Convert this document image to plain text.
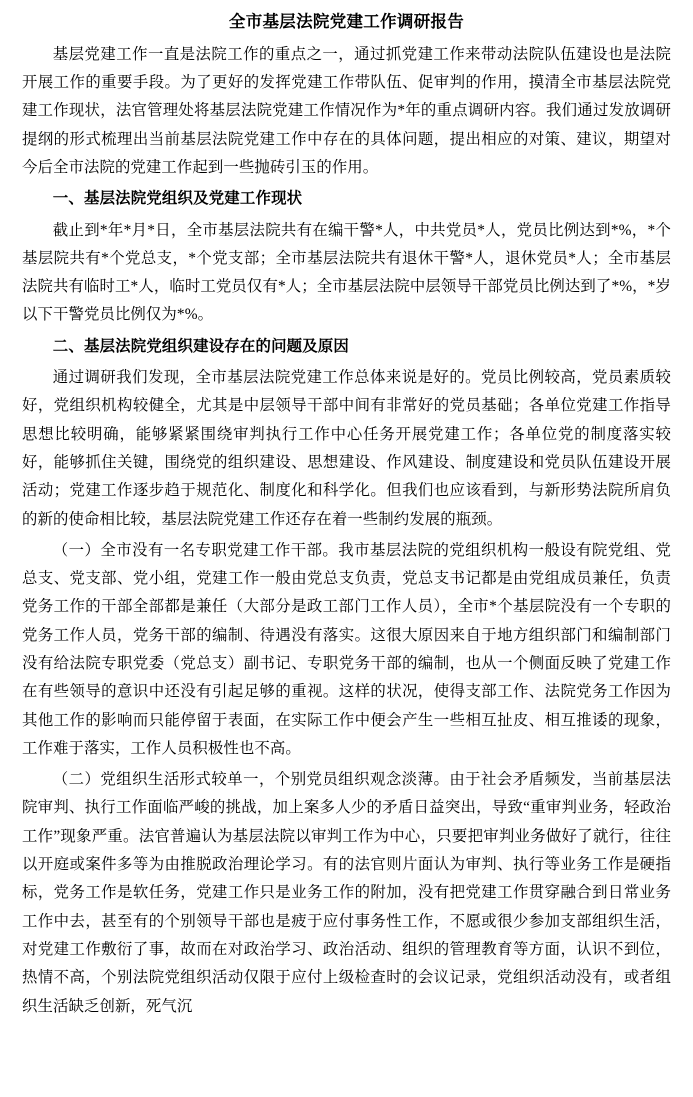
全市基层法院党建工作调研报告

基层党建工作一直是法院工作的重点之一，通过抓党建工作来带动法院队伍建设也是法院开展工作的重要手段。为了更好的发挥党建工作带队伍、促审判的作用，摸清全市基层法院党建工作现状，法官管理处将基层法院党建工作情况作为*年的重点调研内容。我们通过发放调研提纲的形式梳理出当前基层法院党建工作中存在的具体问题，提出相应的对策、建议，期望对今后全市法院的党建工作起到一些抛砖引玉的作用。

一、基层法院党组织及党建工作现状

截止到*年*月*日，全市基层法院共有在编干警*人，中共党员*人，党员比例达到*%，*个基层院共有*个党总支，*个党支部；全市基层法院共有退休干警*人，退休党员*人；全市基层法院共有临时工*人，临时工党员仅有*人；全市基层法院中层领导干部党员比例达到了*%，*岁以下干警党员比例仅为*%。

二、基层法院党组织建设存在的问题及原因

通过调研我们发现，全市基层法院党建工作总体来说是好的。党员比例较高，党员素质较好，党组织机构较健全，尤其是中层领导干部中间有非常好的党员基础；各单位党建工作指导思想比较明确，能够紧紧围绕审判执行工作中心任务开展党建工作；各单位党的制度落实较好，能够抓住关键，围绕党的组织建设、思想建设、作风建设、制度建设和党员队伍建设开展活动；党建工作逐步趋于规范化、制度化和科学化。但我们也应该看到，与新形势法院所肩负的新的使命相比较，基层法院党建工作还存在着一些制约发展的瓶颈。

（一）全市没有一名专职党建工作干部。我市基层法院的党组织机构一般设有院党组、党总支、党支部、党小组，党建工作一般由党总支负责，党总支书记都是由党组成员兼任，负责党务工作的干部全部都是兼任（大部分是政工部门工作人员），全市*个基层院没有一个专职的党务工作人员，党务干部的编制、待遇没有落实。这很大原因来自于地方组织部门和编制部门没有给法院专职党委（党总支）副书记、专职党务干部的编制，也从一个侧面反映了党建工作在有些领导的意识中还没有引起足够的重视。这样的状况，使得支部工作、法院党务工作因为其他工作的影响而只能停留于表面，在实际工作中便会产生一些相互扯皮、相互推诿的现象，工作难于落实，工作人员积极性也不高。

（二）党组织生活形式较单一，个别党员组织观念淡薄。由于社会矛盾频发，当前基层法院审判、执行工作面临严峻的挑战，加上案多人少的矛盾日益突出，导致“重审判业务，轻政治工作”现象严重。法官普遍认为基层法院以审判工作为中心，只要把审判业务做好了就行，往往以开庭或案件多等为由推脱政治理论学习。有的法官则片面认为审判、执行等业务工作是硬指标，党务工作是软任务，党建工作只是业务工作的附加，没有把党建工作贯穿融合到日常业务工作中去，甚至有的个别领导干部也是疲于应付事务性工作，不愿或很少参加支部组织生活，对党建工作敷衍了事，故而在对政治学习、政治活动、组织的管理教育等方面，认识不到位，热情不高，个别法院党组织活动仅限于应付上级检查时的会议记录，党组织活动没有，或者组织生活缺乏创新，死气沉
